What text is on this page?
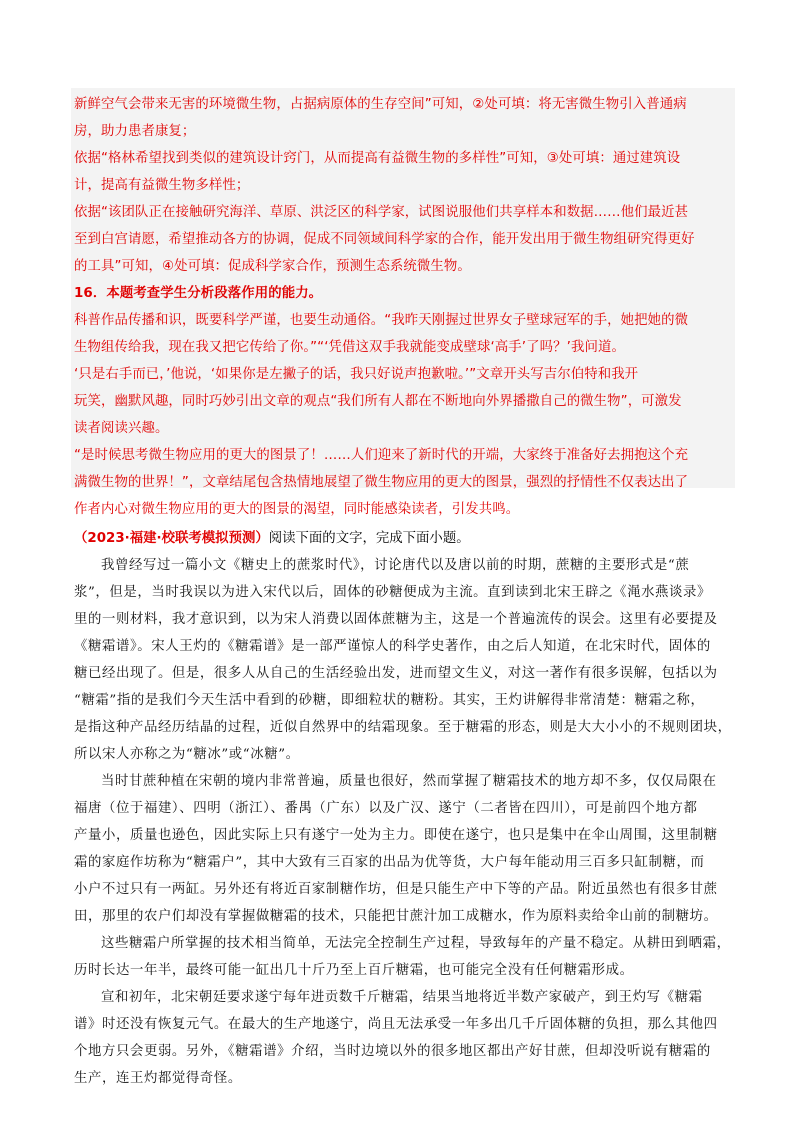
新鲜空气会带来无害的环境微生物，占据病原体的生存空间”可知，②处可填：将无害微生物引入普通病

房，助力患者康复；

依据“格林希望找到类似的建筑设计窍门，从而提高有益微生物的多样性”可知，③处可填：通过建筑设

计，提高有益微生物多样性；

依据“该团队正在接触研究海洋、草原、洪泛区的科学家，试图说服他们共享样本和数据……他们最近甚

至到白宫请愿，希望推动各方的协调，促成不同领域间科学家的合作，能开发出用于微生物组研究得更好

的工具”可知，④处可填：促成科学家合作，预测生态系统微生物。

16．本题考查学生分析段落作用的能力。

科普作品传播和识，既要科学严谨，也要生动通俗。“我昨天刚握过世界女子壁球冠军的手，她把她的微

生物组传给我，现在我又把它传给了你。”“‘凭借这双手我就能变成壁球‘高手’了吗？’我问道。

‘只是右手而已，’他说，‘如果你是左撇子的话，我只好说声抱歉啦。’”文章开头写吉尔伯特和我开

玩笑，幽默风趣，同时巧妙引出文章的观点“我们所有人都在不断地向外界播撒自己的微生物”，可激发

读者阅读兴趣。

“是时候思考微生物应用的更大的图景了！……人们迎来了新时代的开端，大家终于准备好去拥抱这个充

满微生物的世界！”，文章结尾包含热情地展望了微生物应用的更大的图景，强烈的抒情性不仅表达出了

作者内心对微生物应用的更大的图景的渴望，同时能感染读者，引发共鸣。

（2023·福建·校联考模拟预测）阅读下面的文字，完成下面小题。

我曾经写过一篇小文《糖史上的蔗浆时代》，讨论唐代以及唐以前的时期，蔗糖的主要形式是“蔗

浆”，但是，当时我误以为进入宋代以后，固体的砂糖便成为主流。直到读到北宋王辟之《渑水燕谈录》

里的一则材料，我才意识到，以为宋人消费以固体蔗糖为主，这是一个普遍流传的误会。这里有必要提及

《糖霜谱》。宋人王灼的《糖霜谱》是一部严谨惊人的科学史著作，由之后人知道，在北宋时代，固体的

糖已经出现了。但是，很多人从自己的生活经验出发，进而望文生义，对这一著作有很多误解，包括以为

“糖霜”指的是我们今天生活中看到的砂糖，即细粒状的糖粉。其实，王灼讲解得非常清楚：糖霜之称，

是指这种产品经历结晶的过程，近似自然界中的结霜现象。至于糖霜的形态，则是大大小小的不规则团块，

所以宋人亦称之为“糖冰”或“冰糖”。

当时甘蔗种植在宋朝的境内非常普遍，质量也很好，然而掌握了糖霜技术的地方却不多，仅仅局限在

福唐（位于福建）、四明（浙江）、番禺（广东）以及广汉、遂宁（二者皆在四川），可是前四个地方都

产量小，质量也逊色，因此实际上只有遂宁一处为主力。即使在遂宁，也只是集中在伞山周围，这里制糖

霜的家庭作坊称为“糖霜户”，其中大致有三百家的出品为优等货，大户每年能动用三百多只缸制糖，而

小户不过只有一两缸。另外还有将近百家制糖作坊，但是只能生产中下等的产品。附近虽然也有很多甘蔗

田，那里的农户们却没有掌握做糖霜的技术，只能把甘蔗汁加工成糖水，作为原料卖给伞山前的制糖坊。

这些糖霜户所掌握的技术相当简单，无法完全控制生产过程，导致每年的产量不稳定。从耕田到晒霜，

历时长达一年半，最终可能一缸出几十斤乃至上百斤糖霜，也可能完全没有任何糖霜形成。

宣和初年，北宋朝廷要求遂宁每年进贡数千斤糖霜，结果当地将近半数产家破产，到王灼写《糖霜

谱》时还没有恢复元气。在最大的生产地遂宁，尚且无法承受一年多出几千斤固体糖的负担，那么其他四

个地方只会更弱。另外，《糖霜谱》介绍，当时边境以外的很多地区都出产好甘蔗，但却没听说有糖霜的

生产，连王灼都觉得奇怪。
